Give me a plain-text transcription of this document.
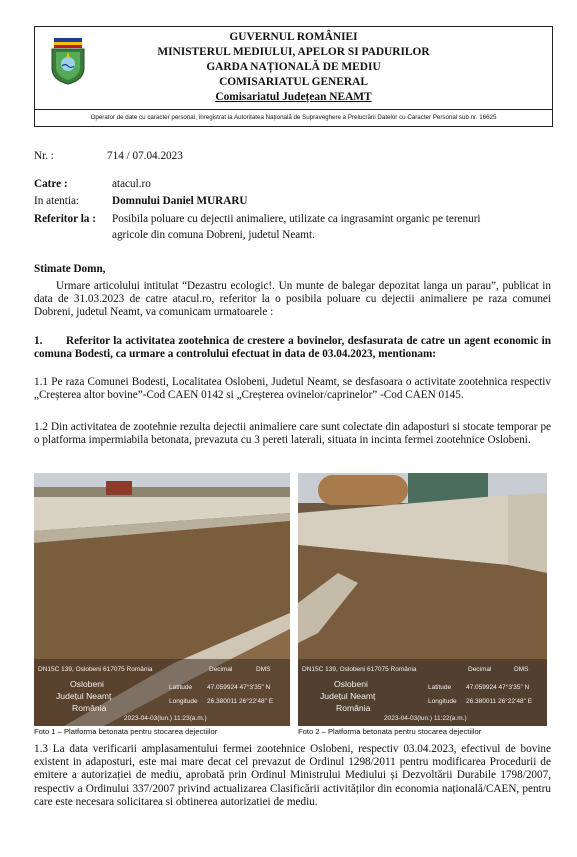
GUVERNUL ROMÂNIEI
MINISTERUL MEDIULUI, APELOR SI PADURILOR
GARDA NAȚIONALĂ DE MEDIU
COMISARIATUL GENERAL
Comisariatul Județean NEAMT
Operator de date cu caracter personal, înregistrat la Autoritatea Națională de Supraveghere a Prelucrării Datelor cu Caracter Personal sub nr. 16625
Nr. :	714 / 07.04.2023
Catre :	atacul.ro
In atentia:	Domnului Daniel MURARU
Referitor la : Posibila poluare cu dejectii animaliere, utilizate ca ingrasamint organic pe terenuri
agricole din comuna Dobreni, judetul Neamt.
Stimate Domn,
Urmare articolului intitulat “Dezastru ecologic!. Un munte de balegar depozitat langa un parau”, publicat in data de 31.03.2023 de catre atacul.ro, referitor la o posibila poluare cu dejectii animaliere pe raza comunei Dobreni, judetul Neamt, va comunicam urmatoarele :
1.	Referitor la activitatea zootehnica de crestere a bovinelor, desfasurata de catre un agent economic in comuna Bodesti, ca urmare a controlului efectuat in data de 03.04.2023, mentionam:
1.1 Pe raza Comunei Bodesti, Localitatea Oslobeni, Judetul Neamt, se desfasoara o activitate zootehnica respectiv „Creșterea altor bovine”-Cod CAEN 0142 si „Creșterea ovinelor/caprinelor” -Cod CAEN 0145.
1.2 Din activitatea de zootehnie rezulta dejectii animaliere care sunt colectate din adaposturi si stocate temporar pe o platforma impermiabila betonata, prevazuta cu 3 pereti laterali, situata in incinta fermei zootehnice Oslobeni.
DN15C 139, Oslobeni 617075 România	Decimal	DMS
Oslobeni
Județul Neamț
România
Latitude 47.059924 47°3'35" N
Longitude 26.380011 26°22'48" E
2023-04-03(lun.) 11:23(a.m.)
Foto 1 – Platforma betonata pentru stocarea dejectiilor
DN15C 139, Oslobeni 617075 România	Decimal	DMS
Oslobeni
Județul Neamț
România
Latitude 47.059924 47°3'35" N
Longitude 26.380011 26°22'48" E
2023-04-03(lun.) 11:22(a.m.)
Foto 2 – Platforma betonata pentru stocarea dejectiilor
1.3 La data verificarii amplasamentului fermei zootehnice Oslobeni, respectiv 03.04.2023, efectivul de bovine existent in adaposturi, este mai mare decat cel prevazut de Ordinul 1298/2011 pentru modificarea Procedurii de emitere a autorizației de mediu, aprobată prin Ordinul Ministrului Mediului și Dezvoltării Durabile 1798/2007, respectiv a Ordinului 337/2007 privind actualizarea Clasificării activităților din economia națională/CAEN, pentru care este necesara solicitarea si obtinerea autorizatiei de mediu.
